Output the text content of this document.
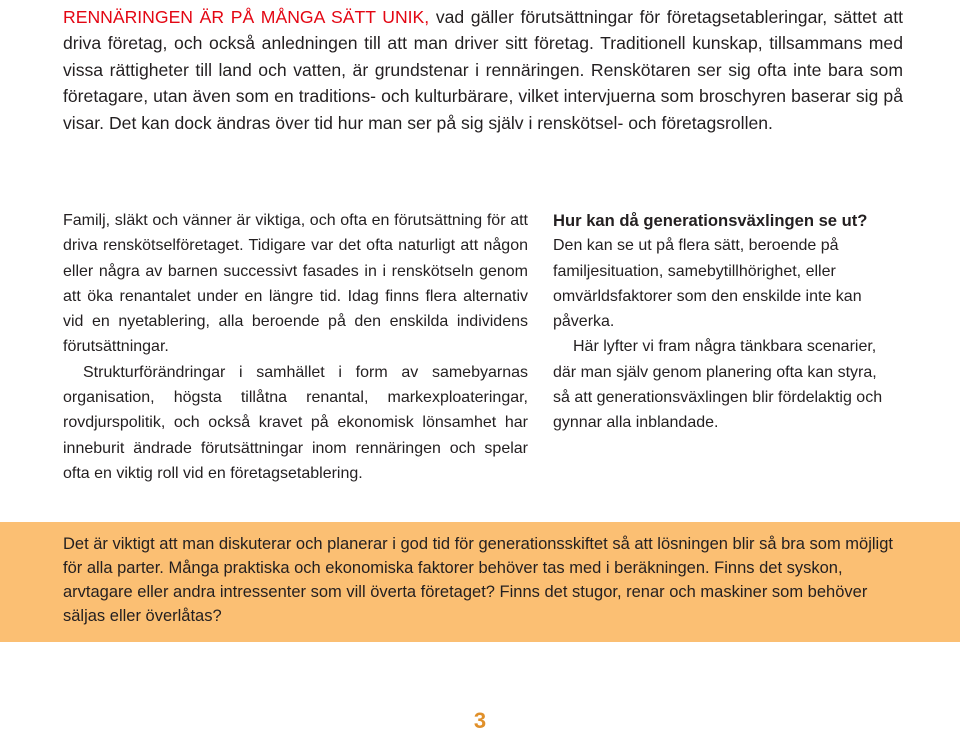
RENNÄRINGEN ÄR PÅ MÅNGA SÄTT UNIK, vad gäller förutsättningar för företagsetableringar, sättet att driva företag, och också anledningen till att man driver sitt företag. Traditionell kunskap, tillsammans med vissa rättigheter till land och vatten, är grundstenar i rennäringen. Renskötaren ser sig ofta inte bara som företagare, utan även som en traditions- och kulturbärare, vilket intervjuerna som broschyren baserar sig på visar. Det kan dock ändras över tid hur man ser på sig själv i renskötsel- och företagsrollen.

Familj, släkt och vänner är viktiga, och ofta en förutsättning för att driva renskötselföretaget. Tidigare var det ofta naturligt att någon eller några av barnen successivt fasades in i renskötseln genom att öka renantalet under en längre tid. Idag finns flera alternativ vid en nyetablering, alla beroende på den enskilda individens förutsättningar.

Strukturförändringar i samhället i form av samebyarnas organisation, högsta tillåtna renantal, markexploateringar, rovdjurspolitik, och också kravet på ekonomisk lönsamhet har inneburit ändrade förutsättningar inom rennäringen och spelar ofta en viktig roll vid en företagsetablering.

Hur kan då generationsväxlingen se ut?

Den kan se ut på flera sätt, beroende på familjesituation, samebytillhörighet, eller omvärldsfaktorer som den enskilde inte kan påverka.

Här lyfter vi fram några tänkbara scenarier, där man själv genom planering ofta kan styra, så att generationsväxlingen blir fördelaktig och gynnar alla inblandade.

Det är viktigt att man diskuterar och planerar i god tid för generationsskiftet så att lösningen blir så bra som möjligt för alla parter. Många praktiska och ekonomiska faktorer behöver tas med i beräkningen. Finns det syskon, arvtagare eller andra intressenter som vill överta företaget? Finns det stugor, renar och maskiner som behöver säljas eller överlåtas?

3
